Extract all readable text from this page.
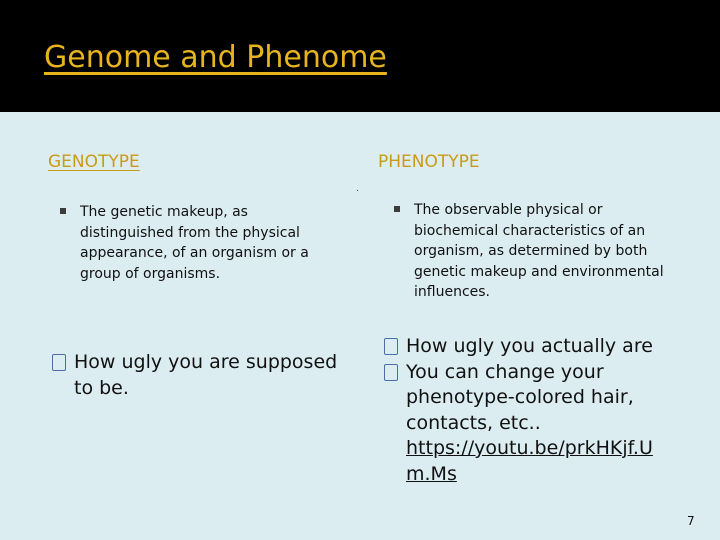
Genome and Phenome
GENOTYPE	PHENOTYPE
.
The genetic makeup, as distinguished from the physical appearance, of an organism or a group of organisms.
The observable physical or biochemical characteristics of an organism, as determined by both genetic makeup and environmental influences.
How ugly you are supposed to be.
How ugly you actually are
You can change your phenotype-colored hair, contacts, etc..
https://youtu.be/prkHKjf.Um.Ms
7
